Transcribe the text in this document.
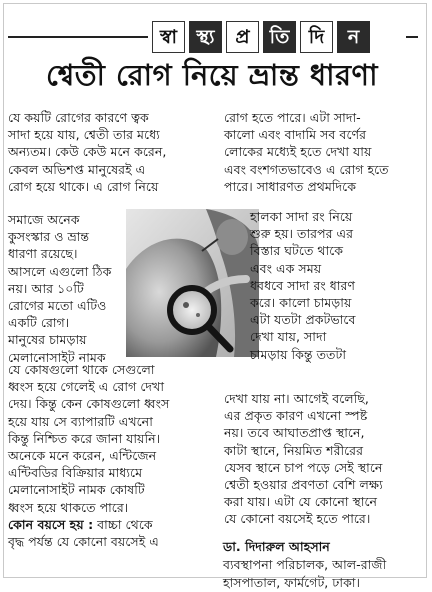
স্বা	স্থ্য	প্র	তি	দি	ন
শ্বেতী রোগ নিয়ে ভ্রান্ত ধারণা

যে কয়টি রোগের কারণে ত্বক

সাদা হয়ে যায়, শ্বেতী তার মধ্যে

অন্যতম। কেউ কেউ মনে করেন,

কেবল অভিশপ্ত মানুষেরই এ

রোগ হয়ে থাকে। এ রোগ নিয়ে

সমাজে অনেক

কুসংস্কার ও ভ্রান্ত

ধারণা রয়েছে।

আসলে এগুলো ঠিক

নয়। আর ১০টি

রোগের মতো এটিও

একটি রোগ।

মানুষের চামড়ায়

মেলানোসাইট নামক

যে কোষগুলো থাকে সেগুলো

ধ্বংস হয়ে গেলেই এ রোগ দেখা

দেয়। কিন্তু কেন কোষগুলো ধ্বংস

হয়ে যায় সে ব্যাপারটি এখনো

কিন্তু নিশ্চিত করে জানা যায়নি।

অনেকে মনে করেন, এন্টিজেন

এন্টিবডির বিক্রিয়ার মাধ্যমে

মেলানোসাইট নামক কোষটি

ধ্বংস হয়ে থাকতে পারে।

কোন বয়সে হয় : বাচ্চা থেকে

বৃদ্ধ পর্যন্ত যে কোনো বয়সেই এ

রোগ হতে পারে। এটা সাদা-

কালো এবং বাদামি সব বর্ণের

লোকের মধ্যেই হতে দেখা যায়

এবং বংশগতভাবেও এ রোগ হতে

পারে। সাধারণত প্রথমদিকে

হালকা সাদা রং নিয়ে

শুরু হয়। তারপর এর

বিস্তার ঘটতে থাকে

এবং এক সময়

ধবধবে সাদা রং ধারণ

করে। কালো চামড়ায়

এটা যতটা প্রকটভাবে

দেখা যায়, সাদা

চামড়ায় কিন্তু ততটা

দেখা যায় না। আগেই বলেছি,

এর প্রকৃত কারণ এখনো স্পষ্ট

নয়। তবে আঘাতপ্রাপ্ত স্থানে,

কাটা স্থানে, নিয়মিত শরীরের

যেসব স্থানে চাপ পড়ে সেই স্থানে

শ্বেতী হওয়ার প্রবণতা বেশি লক্ষ্য

করা যায়। এটা যে কোনো স্থানে

যে কোনো বয়সেই হতে পারে।

ডা. দিদারুল আহসান

ব্যবস্থাপনা পরিচালক, আল-রাজী

হাসপাতাল, ফার্মগেট, ঢাকা।
